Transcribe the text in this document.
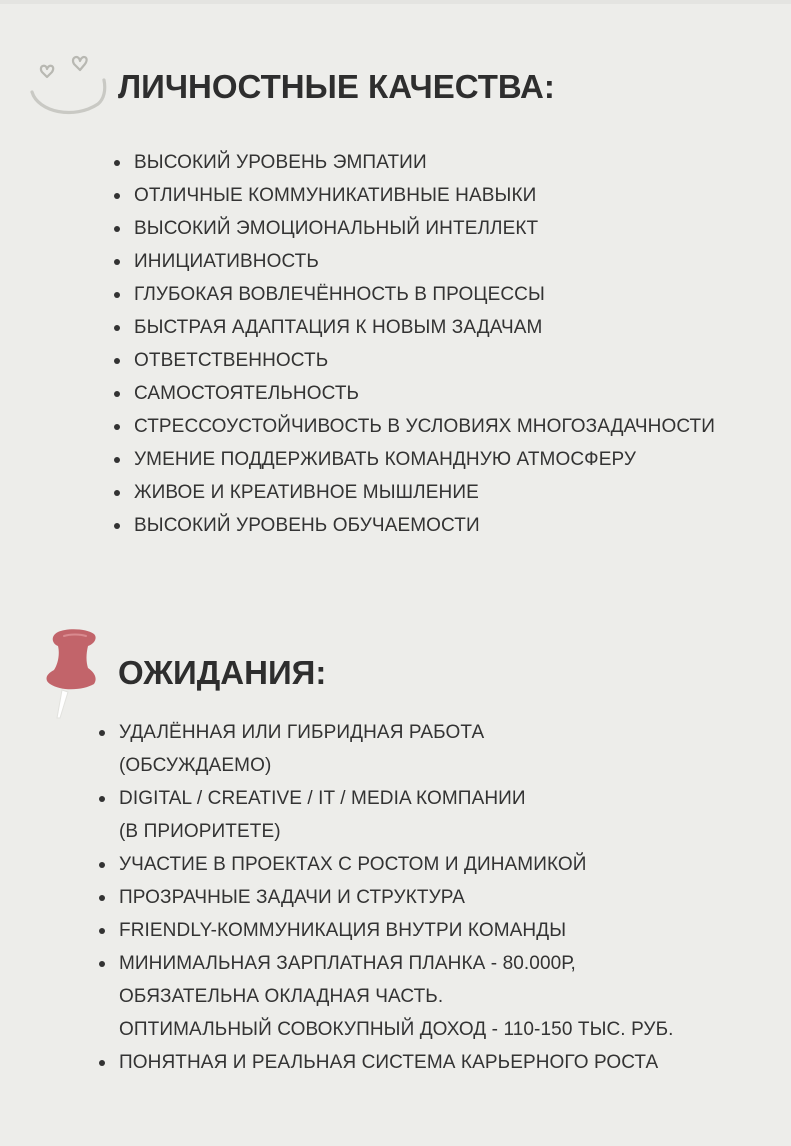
ЛИЧНОСТНЫЕ КАЧЕСТВА:
ВЫСОКИЙ УРОВЕНЬ ЭМПАТИИ
ОТЛИЧНЫЕ КОММУНИКАТИВНЫЕ НАВЫКИ
ВЫСОКИЙ ЭМОЦИОНАЛЬНЫЙ ИНТЕЛЛЕКТ
ИНИЦИАТИВНОСТЬ
ГЛУБОКАЯ ВОВЛЕЧЁННОСТЬ В ПРОЦЕССЫ
БЫСТРАЯ АДАПТАЦИЯ К НОВЫМ ЗАДАЧАМ
ОТВЕТСТВЕННОСТЬ
САМОСТОЯТЕЛЬНОСТЬ
СТРЕССОУСТОЙЧИВОСТЬ В УСЛОВИЯХ МНОГОЗАДАЧНОСТИ
УМЕНИЕ ПОДДЕРЖИВАТЬ КОМАНДНУЮ АТМОСФЕРУ
ЖИВОЕ И КРЕАТИВНОЕ МЫШЛЕНИЕ
ВЫСОКИЙ УРОВЕНЬ ОБУЧАЕМОСТИ
ОЖИДАНИЯ:
УДАЛЁННАЯ ИЛИ ГИБРИДНАЯ РАБОТА
(ОБСУЖДАЕМО)
DIGITAL / CREATIVE / IT / MEDIA КОМПАНИИ
(В ПРИОРИТЕТЕ)
УЧАСТИЕ В ПРОЕКТАХ С РОСТОМ И ДИНАМИКОЙ
ПРОЗРАЧНЫЕ ЗАДАЧИ И СТРУКТУРА
FRIENDLY-КОММУНИКАЦИЯ ВНУТРИ КОМАНДЫ
МИНИМАЛЬНАЯ ЗАРПЛАТНАЯ ПЛАНКА - 80.000Р,
ОБЯЗАТЕЛЬНА ОКЛАДНАЯ ЧАСТЬ.
ОПТИМАЛЬНЫЙ СОВОКУПНЫЙ ДОХОД - 110-150 ТЫС. РУБ.
ПОНЯТНАЯ И РЕАЛЬНАЯ СИСТЕМА КАРЬЕРНОГО РОСТА
